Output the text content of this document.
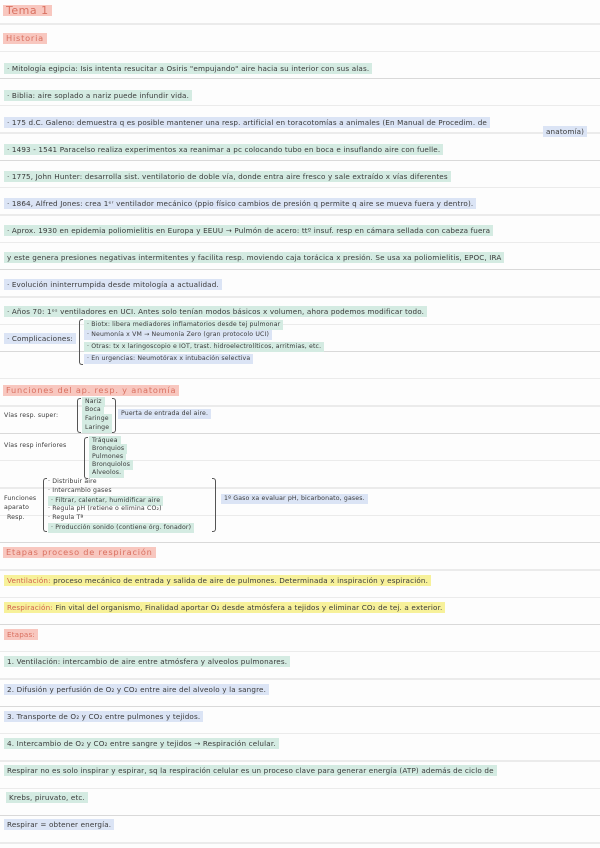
Tema 1
Historia
· Mitología egipcia: Isis intenta resucitar a Osiris "empujando" aire hacia su interior con sus alas.
· Biblia: aire soplado a nariz puede infundir vida.
· 175 d.C. Galeno: demuestra q es posible mantener una resp. artificial en toracotomías a animales (En Manual de Procedim. de
anatomía)
· 1493 - 1541 Paracelso realiza experimentos xa reanimar a pc colocando tubo en boca e insuflando aire con fuelle.
· 1775, John Hunter: desarrolla sist. ventilatorio de doble vía, donde entra aire fresco y sale extraído x vías diferentes
· 1864, Alfred Jones: crea 1ᵉʳ ventilador mecánico (ppio físico cambios de presión q permite q aire se mueva fuera y dentro).
· Aprox. 1930 en epidemia poliomielitis en Europa y EEUU → Pulmón de acero: ttº insuf. resp en cámara sellada con cabeza fuera
y este genera presiones negativas intermitentes y facilita resp. moviendo caja torácica x presión. Se usa xa poliomielitis, EPOC, IRA
· Evolución ininterrumpida desde mitología a actualidad.
· Años 70: 1ᵒˢ ventiladores en UCI. Antes solo tenían modos básicos x volumen, ahora podemos modificar todo.
· Complicaciones:
· Biotx: libera mediadores inflamatorios desde tej pulmonar
· Neumonía x VM → Neumonía Zero (gran protocolo UCI)
· Otras: tx x laringoscopio e IOT, trast. hidroelectrolíticos, arritmias, etc.
· En urgencias: Neumotórax x intubación selectiva
Funciones del ap. resp. y anatomía
Vías resp. super:
Nariz
Boca
Faringe
Laringe
Puerta de entrada del aire.
Vías resp inferiores
Tráquea
Bronquios
Pulmones
Bronquiolos
Alveolos.
Funciones
aparato
Resp.
· Distribuir aire
· Intercambio gases
· Filtrar, calentar, humidificar aire
· Regula pH (retiene o elimina CO₂)
· Regula Tª
· Producción sonido (contiene órg. fonador)
1º Gaso xa evaluar pH, bicarbonato, gases.
Etapas proceso de respiración
Ventilación: proceso mecánico de entrada y salida de aire de pulmones. Determinada x inspiración y espiración.
Respiración: Fin vital del organismo, Finalidad aportar O₂ desde atmósfera a tejidos y eliminar CO₂ de tej. a exterior.
Etapas:
1. Ventilación: intercambio de aire entre atmósfera y alveolos pulmonares.
2. Difusión y perfusión de O₂ y CO₂ entre aire del alveolo y la sangre.
3. Transporte de O₂ y CO₂ entre pulmones y tejidos.
4. Intercambio de O₂ y CO₂ entre sangre y tejidos → Respiración celular.
Respirar no es solo inspirar y espirar, sq la respiración celular es un proceso clave para generar energía (ATP) además de ciclo de
Krebs, piruvato, etc.
Respirar = obtener energía.
